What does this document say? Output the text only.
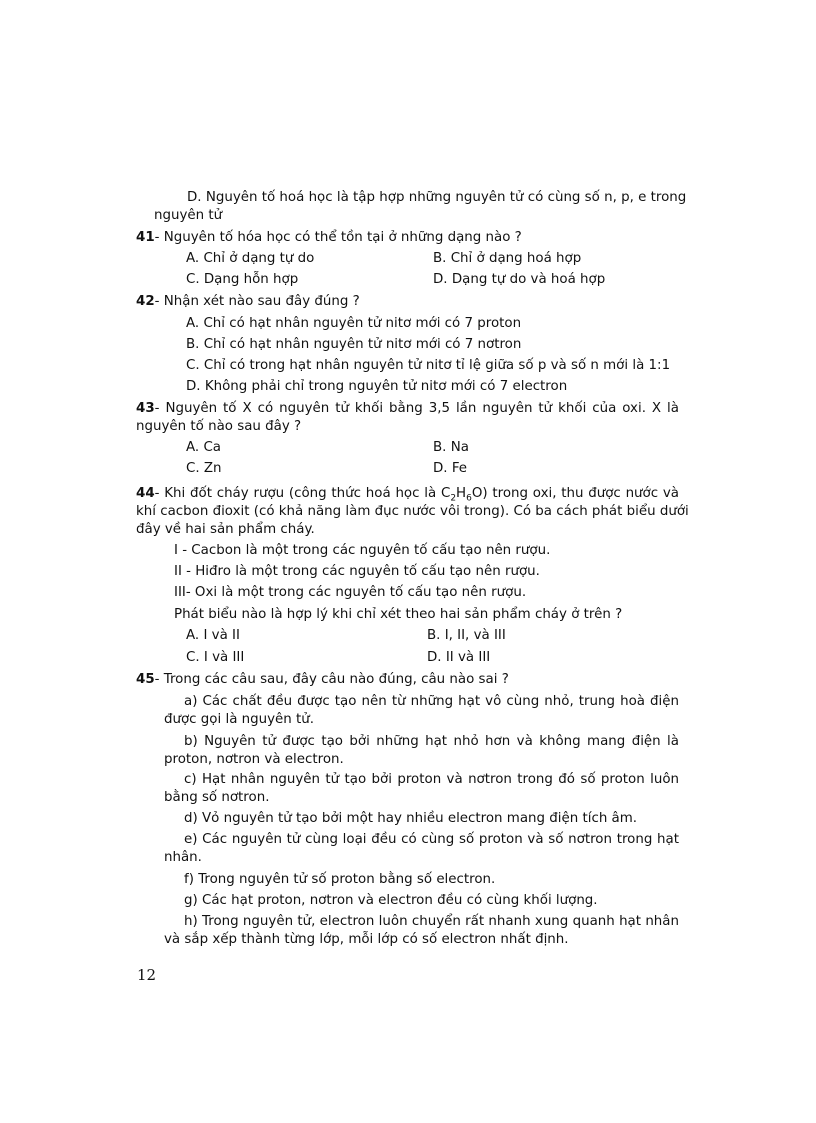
D. Nguyên tố hoá học là tập hợp những nguyên tử có cùng số n, p, e trong
nguyên tử
41- Nguyên tố hóa học có thể tồn tại ở những dạng nào ?
A. Chỉ ở dạng tự do	B. Chỉ ở dạng hoá hợp
C. Dạng hỗn hợp	D. Dạng tự do và hoá hợp
42- Nhận xét nào sau đây đúng ?
A. Chỉ có hạt nhân nguyên tử nitơ mới có 7 proton
B. Chỉ có hạt nhân nguyên tử nitơ mới có 7 nơtron
C. Chỉ có trong hạt nhân nguyên tử nitơ tỉ lệ giữa số p và số n mới là 1:1
D. Không phải chỉ trong nguyên tử nitơ mới có 7 electron
43- Nguyên tố X có nguyên tử khối bằng 3,5 lần nguyên tử khối của oxi. X là
nguyên tố nào sau đây ?
A. Ca	B. Na
C. Zn	D. Fe
44- Khi đốt cháy rượu (công thức hoá học là $C_2H_6O$) trong oxi, thu được nước và
khí cacbon đioxit (có khả năng làm đục nước vôi trong). Có ba cách phát biểu dưới
đây về hai sản phẩm cháy.
I - Cacbon là một trong các nguyên tố cấu tạo nên rượu.
II - Hiđro là một trong các nguyên tố cấu tạo nên rượu.
III- Oxi là một trong các nguyên tố cấu tạo nên rượu.
Phát biểu nào là hợp lý khi chỉ xét theo hai sản phẩm cháy ở trên ?
A. I và II	B. I, II, và III
C. I và III	D. II và III
45- Trong các câu sau, đây câu nào đúng, câu nào sai ?
a) Các chất đều được tạo nên từ những hạt vô cùng nhỏ, trung hoà điện
được gọi là nguyên tử.
b) Nguyên tử được tạo bởi những hạt nhỏ hơn và không mang điện là
proton, nơtron và electron.
c) Hạt nhân nguyên tử tạo bởi proton và nơtron trong đó số proton luôn
bằng số nơtron.
d) Vỏ nguyên tử tạo bởi một hay nhiều electron mang điện tích âm.
e) Các nguyên tử cùng loại đều có cùng số proton và số nơtron trong hạt
nhân.
f) Trong nguyên tử số proton bằng số electron.
g) Các hạt proton, nơtron và electron đều có cùng khối lượng.
h) Trong nguyên tử, electron luôn chuyển rất nhanh xung quanh hạt nhân
và sắp xếp thành từng lớp, mỗi lớp có số electron nhất định.
12
